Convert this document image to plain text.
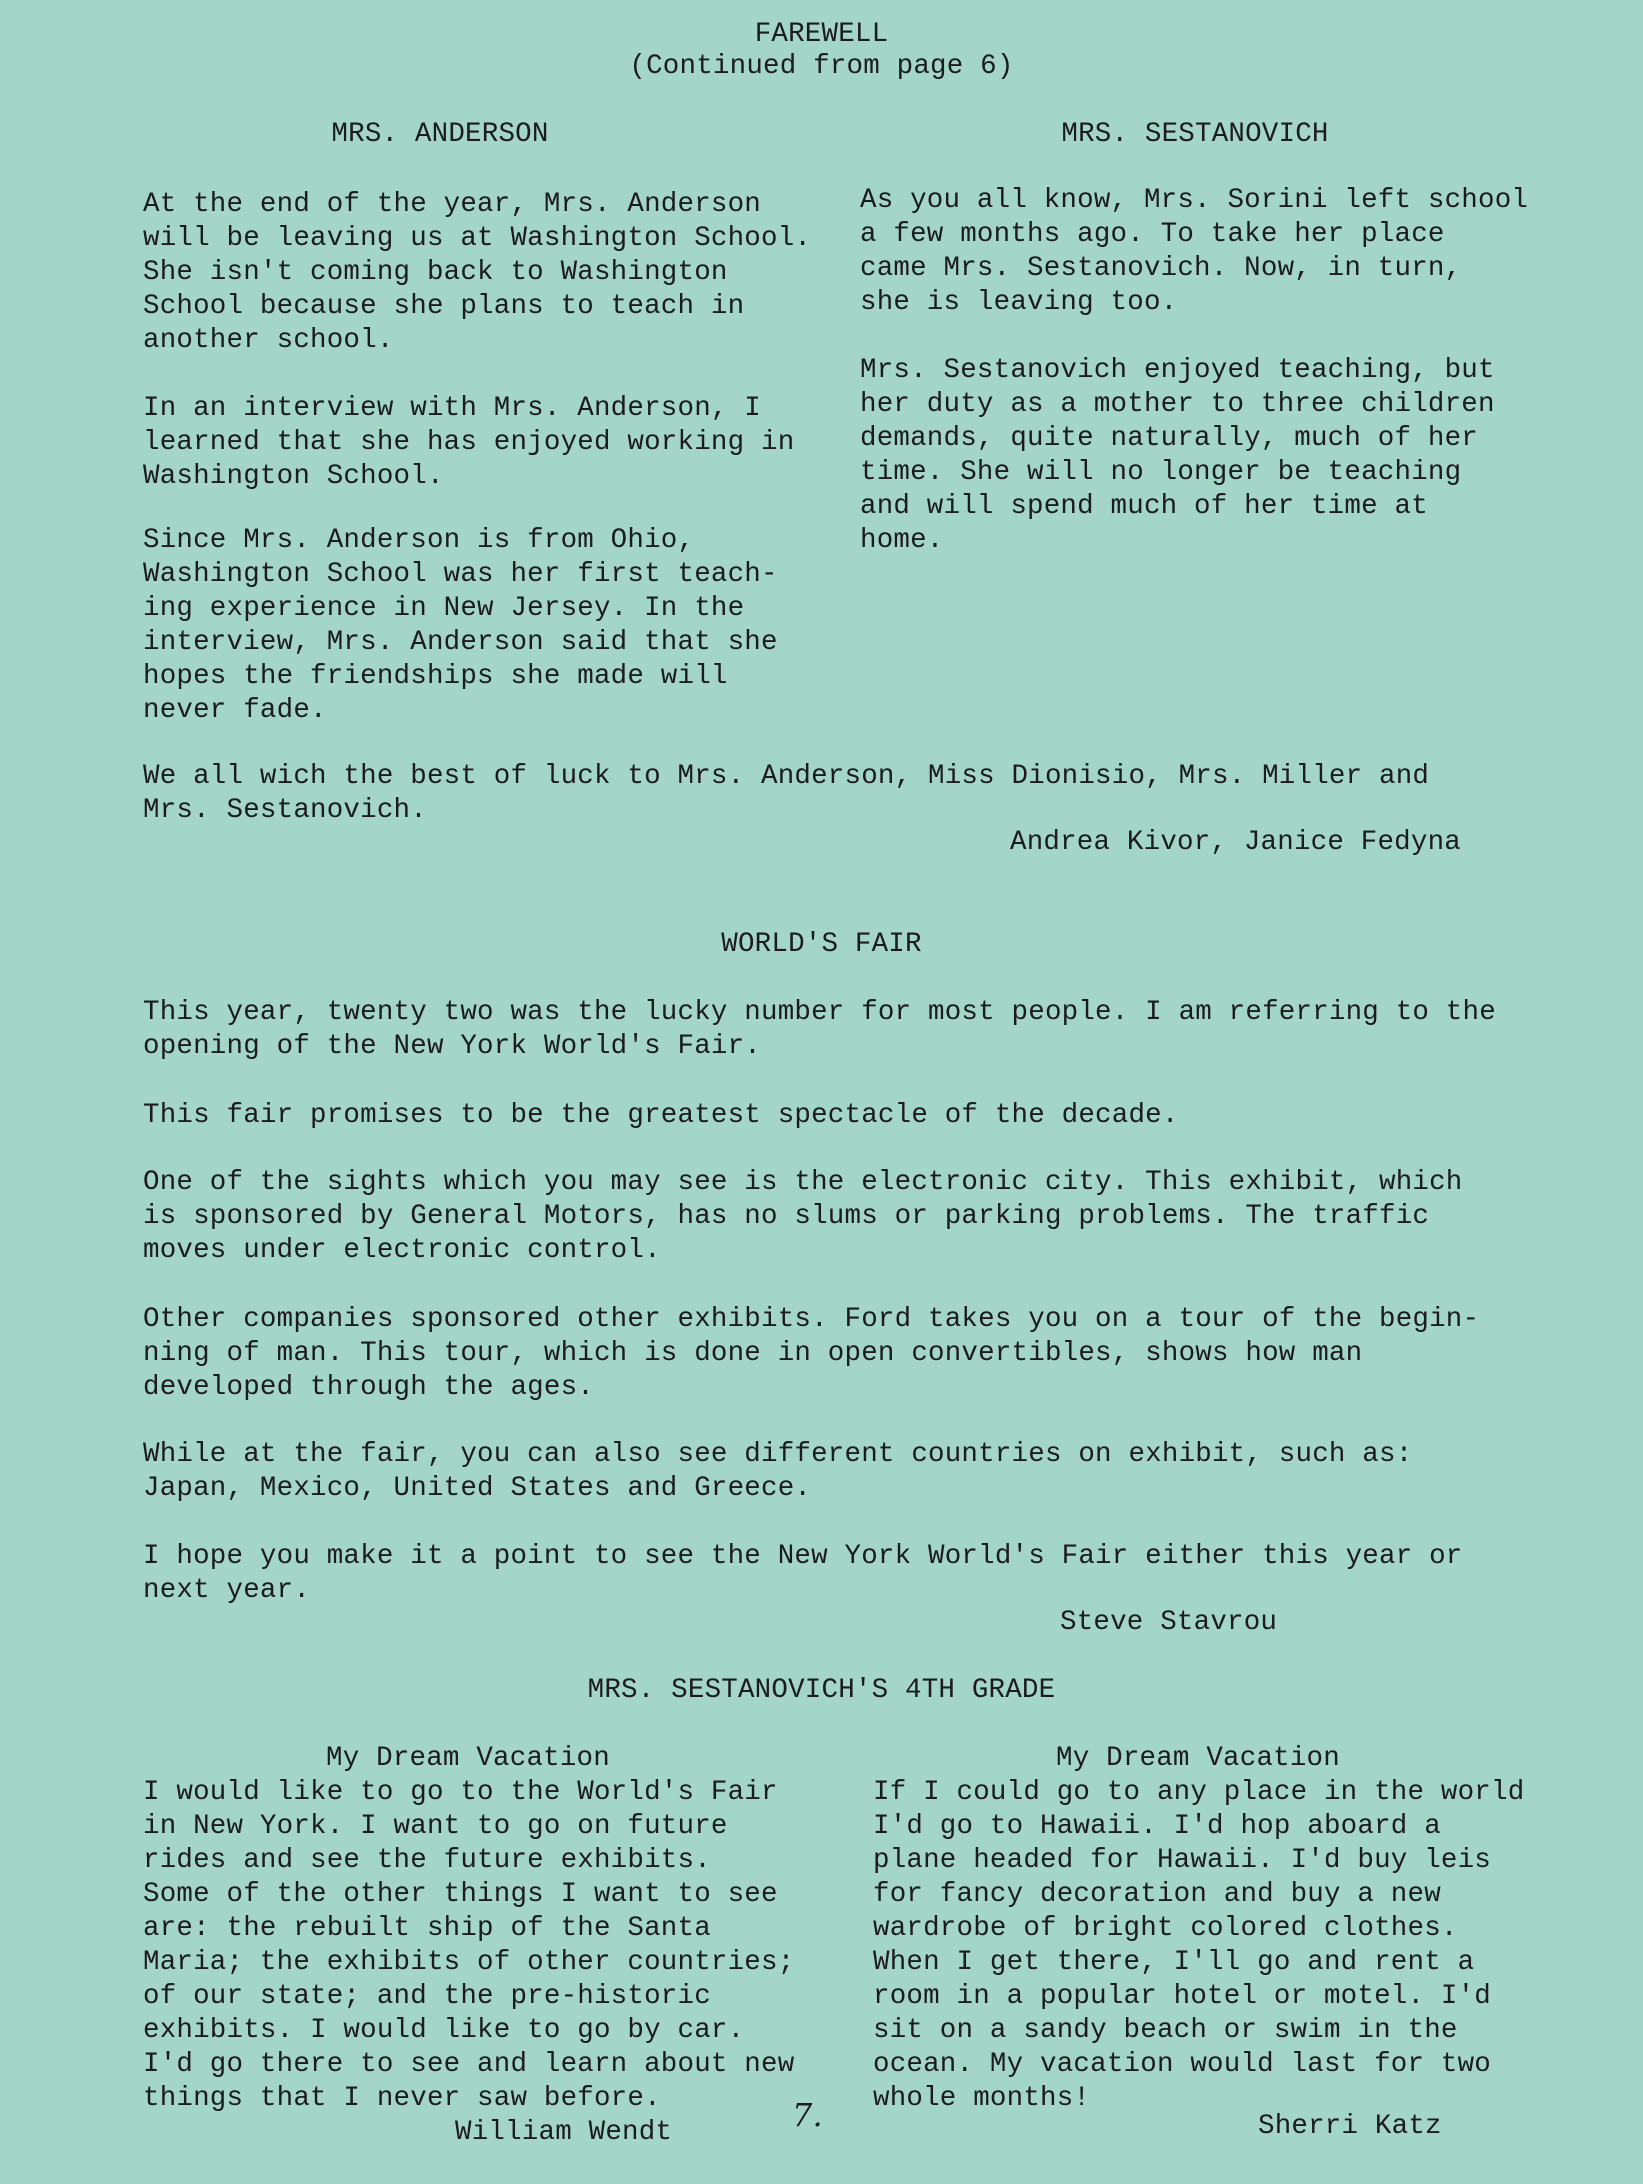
FAREWELL

(Continued from page 6)

MRS. ANDERSON	MRS. SESTANOVICH

At the end of the year, Mrs. Anderson
will be leaving us at Washington School.
She isn't coming back to Washington
School because she plans to teach in
another school.

In an interview with Mrs. Anderson, I
learned that she has enjoyed working in
Washington School.

Since Mrs. Anderson is from Ohio,
Washington School was her first teach-
ing experience in New Jersey. In the
interview, Mrs. Anderson said that she
hopes the friendships she made will
never fade.

As you all know, Mrs. Sorini left school
a few months ago. To take her place
came Mrs. Sestanovich. Now, in turn,
she is leaving too.

Mrs. Sestanovich enjoyed teaching, but
her duty as a mother to three children
demands, quite naturally, much of her
time. She will no longer be teaching
and will spend much of her time at
home.

We all wich the best of luck to Mrs. Anderson, Miss Dionisio, Mrs. Miller and
Mrs. Sestanovich.

Andrea Kivor, Janice Fedyna

WORLD'S FAIR

This year, twenty two was the lucky number for most people. I am referring to the
opening of the New York World's Fair.

This fair promises to be the greatest spectacle of the decade.

One of the sights which you may see is the electronic city. This exhibit, which
is sponsored by General Motors, has no slums or parking problems. The traffic
moves under electronic control.

Other companies sponsored other exhibits. Ford takes you on a tour of the begin-
ning of man. This tour, which is done in open convertibles, shows how man
developed through the ages.

While at the fair, you can also see different countries on exhibit, such as:
Japan, Mexico, United States and Greece.

I hope you make it a point to see the New York World's Fair either this year or
next year.

Steve Stavrou

MRS. SESTANOVICH'S 4TH GRADE

My Dream Vacation

I would like to go to the World's Fair
in New York. I want to go on future
rides and see the future exhibits.
Some of the other things I want to see
are: the rebuilt ship of the Santa
Maria; the exhibits of other countries;
of our state; and the pre-historic
exhibits. I would like to go by car.
I'd go there to see and learn about new
things that I never saw before.

William Wendt

My Dream Vacation

If I could go to any place in the world
I'd go to Hawaii. I'd hop aboard a
plane headed for Hawaii. I'd buy leis
for fancy decoration and buy a new
wardrobe of bright colored clothes.
When I get there, I'll go and rent a
room in a popular hotel or motel. I'd
sit on a sandy beach or swim in the
ocean. My vacation would last for two
whole months!

Sherri Katz

7.
